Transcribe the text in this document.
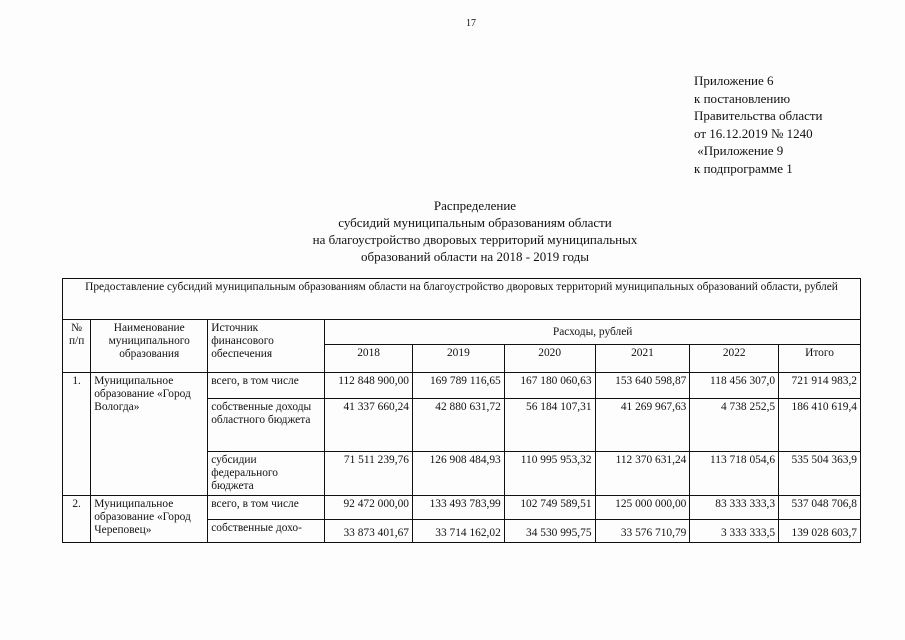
17
Приложение 6
к постановлению
Правительства области
от 16.12.2019 № 1240
«Приложение 9
к подпрограмме 1
Распределение
субсидий муниципальным образованиям области
на благоустройство дворовых территорий муниципальных
образований области на 2018 - 2019 годы
Предоставление субсидий муниципальным образованиям области на благоустройство дворовых территорий муниципальных образований области, рублей								
№ п/п	Наименование муниципального образования	Источник финансового обеспечения	Расходы, рублей					
			2018	2019	2020	2021	2022	Итого
1.	Муниципальное образование «Город Вологда»	всего, в том числе	112 848 900,00	169 789 116,65	167 180 060,63	153 640 598,87	118 456 307,0	721 914 983,2
		собственные доходы областного бюджета	41 337 660,24	42 880 631,72	56 184 107,31	41 269 967,63	4 738 252,5	186 410 619,4
		субсидии федерального бюджета	71 511 239,76	126 908 484,93	110 995 953,32	112 370 631,24	113 718 054,6	535 504 363,9
2.	Муниципальное образование «Город Череповец»	всего, в том числе	92 472 000,00	133 493 783,99	102 749 589,51	125 000 000,00	83 333 333,3	537 048 706,8
		собственные дохо-	33 873 401,67	33 714 162,02	34 530 995,75	33 576 710,79	3 333 333,5	139 028 603,7
